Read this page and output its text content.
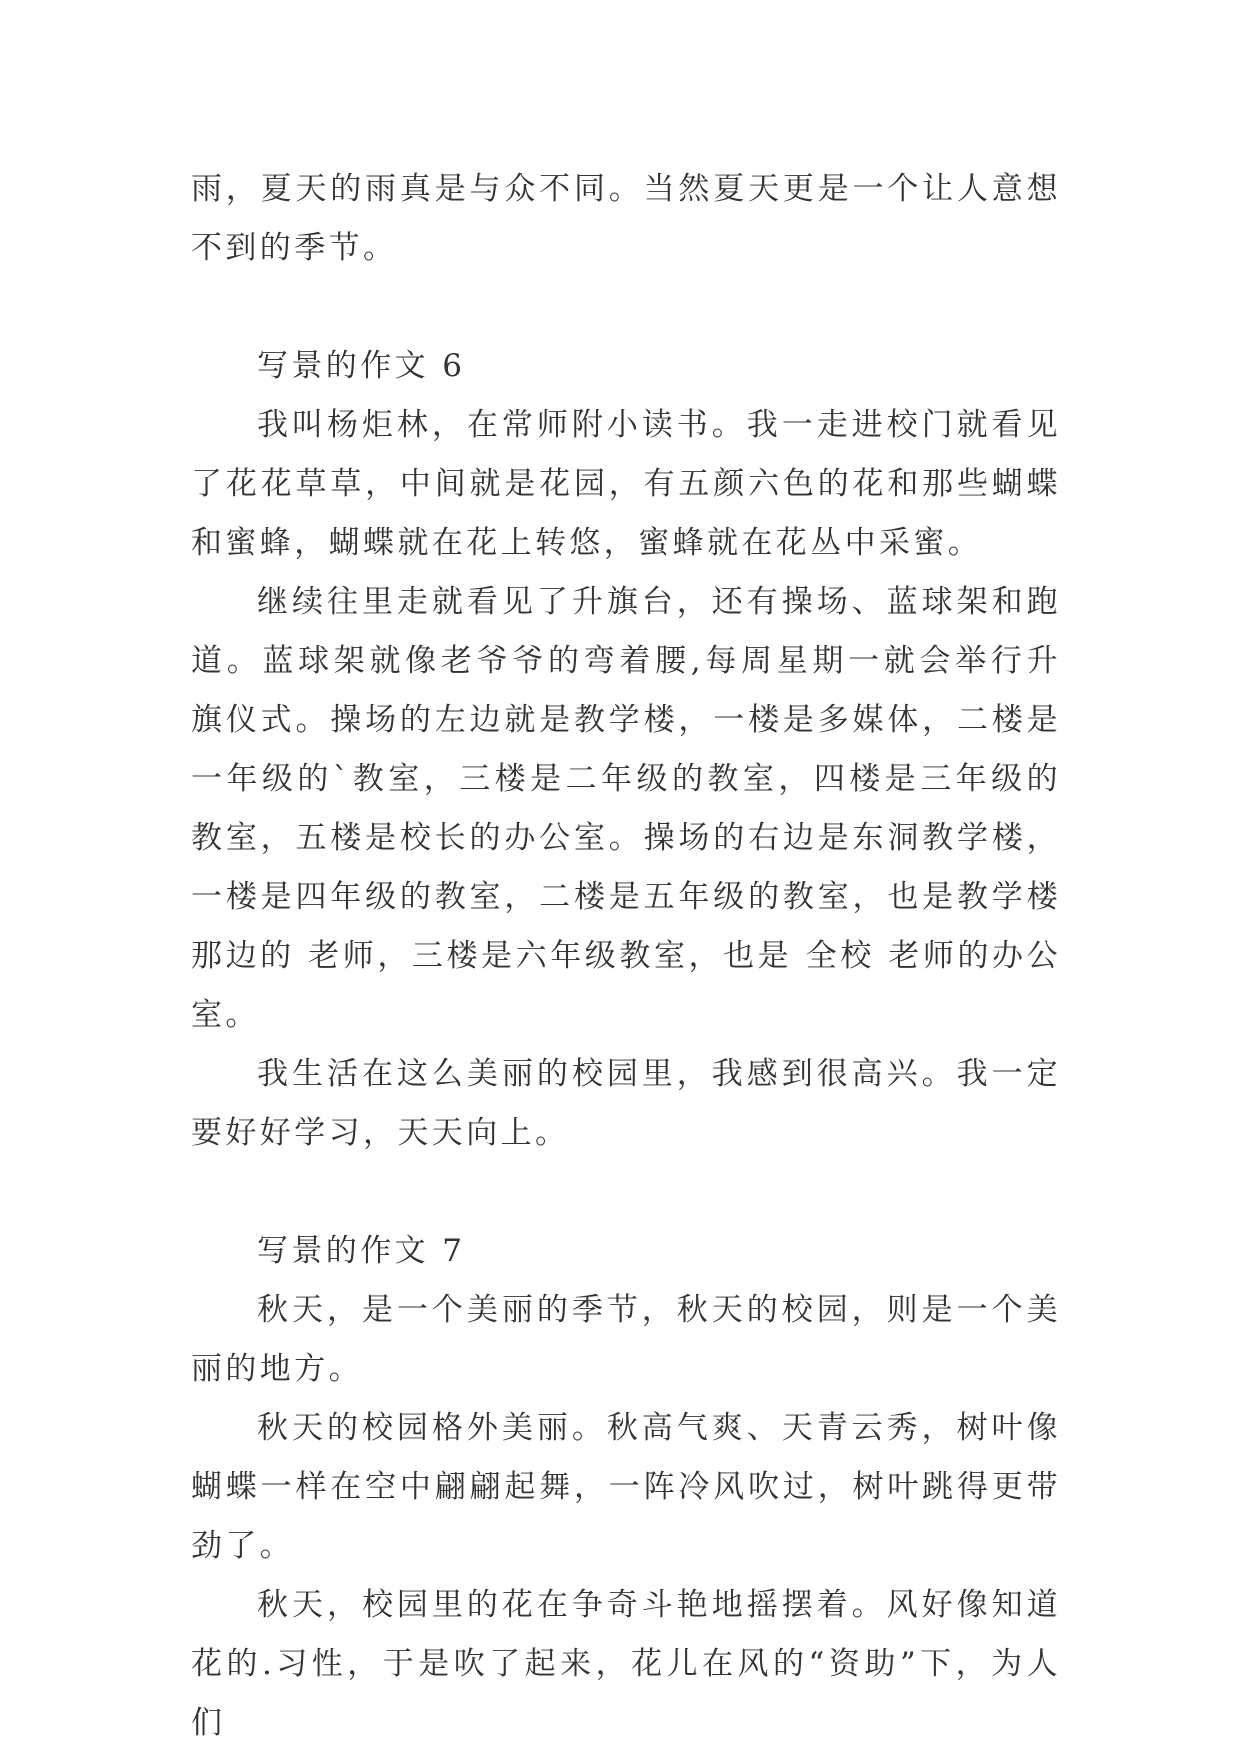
雨，夏天的雨真是与众不同。当然夏天更是一个让人意想不到的季节。

写景的作文 6

我叫杨炬林，在常师附小读书。我一走进校门就看见了花花草草，中间就是花园，有五颜六色的花和那些蝴蝶和蜜蜂，蝴蝶就在花上转悠，蜜蜂就在花丛中采蜜。

继续往里走就看见了升旗台，还有操场、蓝球架和跑道。蓝球架就像老爷爷的弯着腰,每周星期一就会举行升旗仪式。操场的左边就是教学楼，一楼是多媒体，二楼是一年级的`教室，三楼是二年级的教室，四楼是三年级的教室，五楼是校长的办公室。操场的右边是东洞教学楼，一楼是四年级的教室，二楼是五年级的教室，也是教学楼 那边的 老师，三楼是六年级教室，也是 全校 老师的办公室。

我生活在这么美丽的校园里，我感到很高兴。我一定要好好学习，天天向上。

写景的作文 7

秋天，是一个美丽的季节，秋天的校园，则是一个美丽的地方。

秋天的校园格外美丽。秋高气爽、天青云秀，树叶像蝴蝶一样在空中翩翩起舞，一阵冷风吹过，树叶跳得更带劲了。

秋天，校园里的花在争奇斗艳地摇摆着。风好像知道花的.习性，于是吹了起来，花儿在风的“资助”下，为人们
